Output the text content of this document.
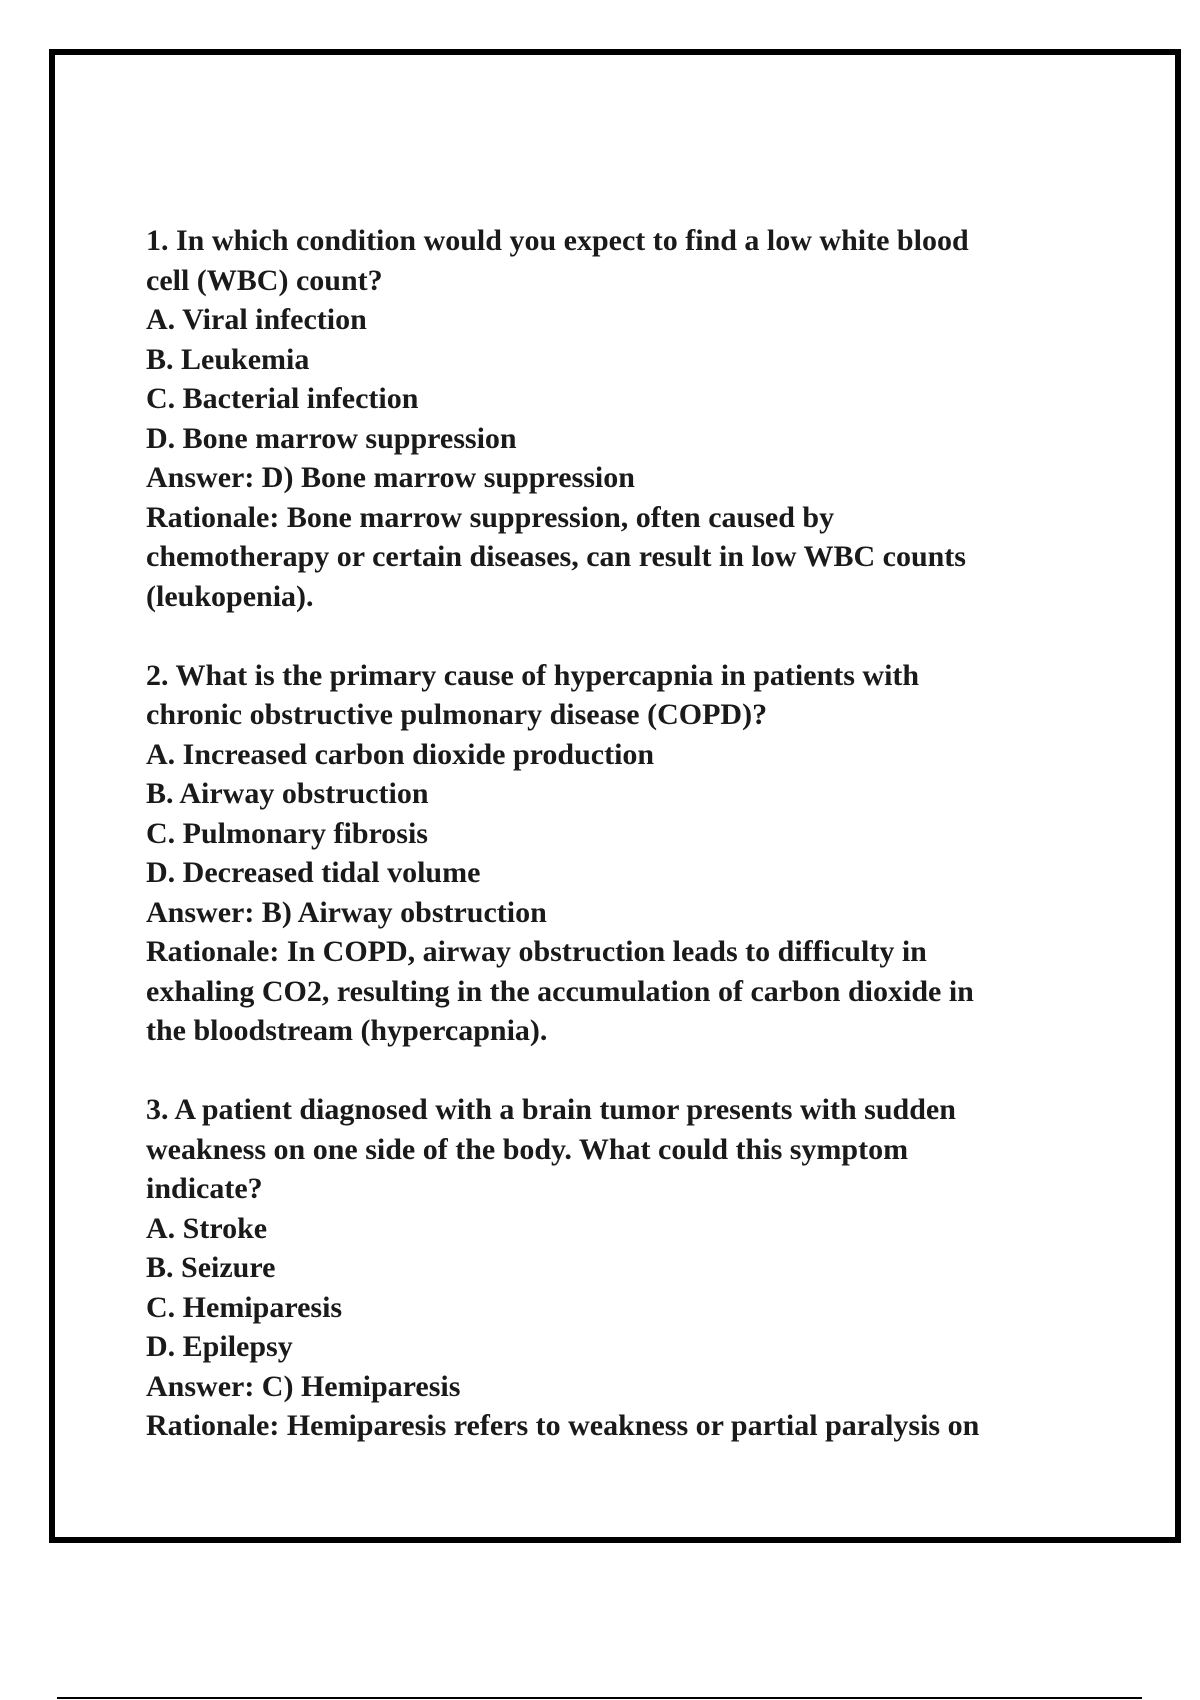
1. In which condition would you expect to find a low white blood
cell (WBC) count?
A. Viral infection
B. Leukemia
C. Bacterial infection
D. Bone marrow suppression
Answer: D) Bone marrow suppression
Rationale: Bone marrow suppression, often caused by
chemotherapy or certain diseases, can result in low WBC counts
(leukopenia).
2. What is the primary cause of hypercapnia in patients with
chronic obstructive pulmonary disease (COPD)?
A. Increased carbon dioxide production
B. Airway obstruction
C. Pulmonary fibrosis
D. Decreased tidal volume
Answer: B) Airway obstruction
Rationale: In COPD, airway obstruction leads to difficulty in
exhaling CO2, resulting in the accumulation of carbon dioxide in
the bloodstream (hypercapnia).
3. A patient diagnosed with a brain tumor presents with sudden
weakness on one side of the body. What could this symptom
indicate?
A. Stroke
B. Seizure
C. Hemiparesis
D. Epilepsy
Answer: C) Hemiparesis
Rationale: Hemiparesis refers to weakness or partial paralysis on
